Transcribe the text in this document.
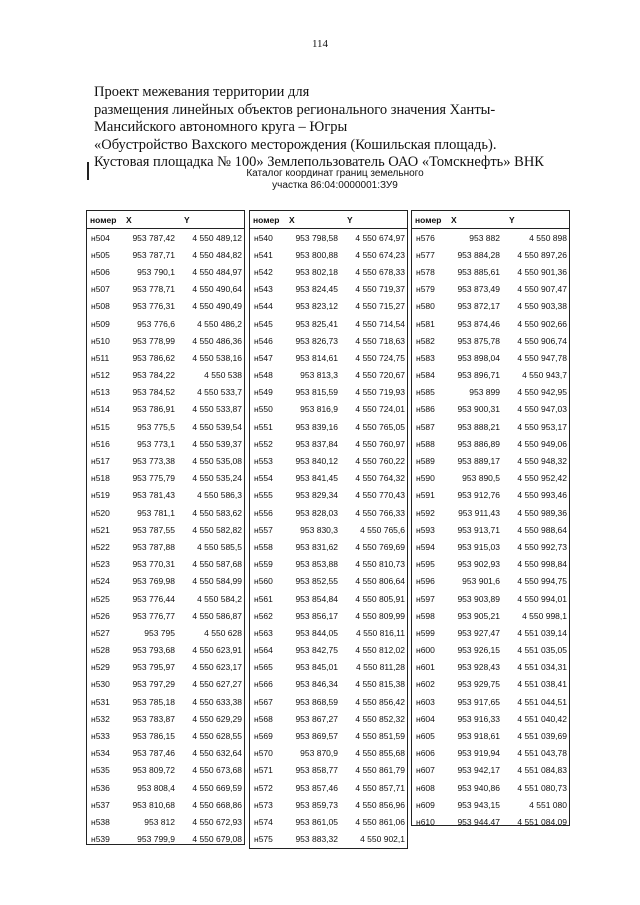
114
Проект межевания территории для
размещения линейных объектов регионального значения Ханты-
Мансийского автономного круга – Югры
«Обустройство Вахского месторождения (Кошильская площадь).
Кустовая площадка № 100» Землепользователь ОАО «Томскнефть» ВНК
Каталог координат границ земельного
участка 86:04:0000001:ЗУ9
номер	X	Y
н504	953 787,42	4 550 489,12
н505	953 787,71	4 550 484,82
н506	953 790,1	4 550 484,97
н507	953 778,71	4 550 490,64
н508	953 776,31	4 550 490,49
н509	953 776,6	4 550 486,2
н510	953 778,99	4 550 486,36
н511	953 786,62	4 550 538,16
н512	953 784,22	4 550 538
н513	953 784,52	4 550 533,7
н514	953 786,91	4 550 533,87
н515	953 775,5	4 550 539,54
н516	953 773,1	4 550 539,37
н517	953 773,38	4 550 535,08
н518	953 775,79	4 550 535,24
н519	953 781,43	4 550 586,3
н520	953 781,1	4 550 583,62
н521	953 787,55	4 550 582,82
н522	953 787,88	4 550 585,5
н523	953 770,31	4 550 587,68
н524	953 769,98	4 550 584,99
н525	953 776,44	4 550 584,2
н526	953 776,77	4 550 586,87
н527	953 795	4 550 628
н528	953 793,68	4 550 623,91
н529	953 795,97	4 550 623,17
н530	953 797,29	4 550 627,27
н531	953 785,18	4 550 633,38
н532	953 783,87	4 550 629,29
н533	953 786,15	4 550 628,55
н534	953 787,46	4 550 632,64
н535	953 809,72	4 550 673,68
н536	953 808,4	4 550 669,59
н537	953 810,68	4 550 668,86
н538	953 812	4 550 672,93
н539	953 799,9	4 550 679,08
номер	X	Y
н540	953 798,58	4 550 674,97
н541	953 800,88	4 550 674,23
н542	953 802,18	4 550 678,33
н543	953 824,45	4 550 719,37
н544	953 823,12	4 550 715,27
н545	953 825,41	4 550 714,54
н546	953 826,73	4 550 718,63
н547	953 814,61	4 550 724,75
н548	953 813,3	4 550 720,67
н549	953 815,59	4 550 719,93
н550	953 816,9	4 550 724,01
н551	953 839,16	4 550 765,05
н552	953 837,84	4 550 760,97
н553	953 840,12	4 550 760,22
н554	953 841,45	4 550 764,32
н555	953 829,34	4 550 770,43
н556	953 828,03	4 550 766,33
н557	953 830,3	4 550 765,6
н558	953 831,62	4 550 769,69
н559	953 853,88	4 550 810,73
н560	953 852,55	4 550 806,64
н561	953 854,84	4 550 805,91
н562	953 856,17	4 550 809,99
н563	953 844,05	4 550 816,11
н564	953 842,75	4 550 812,02
н565	953 845,01	4 550 811,28
н566	953 846,34	4 550 815,38
н567	953 868,59	4 550 856,42
н568	953 867,27	4 550 852,32
н569	953 869,57	4 550 851,59
н570	953 870,9	4 550 855,68
н571	953 858,77	4 550 861,79
н572	953 857,46	4 550 857,71
н573	953 859,73	4 550 856,96
н574	953 861,05	4 550 861,06
н575	953 883,32	4 550 902,1
номер	X	Y
н576	953 882	4 550 898
н577	953 884,28	4 550 897,26
н578	953 885,61	4 550 901,36
н579	953 873,49	4 550 907,47
н580	953 872,17	4 550 903,38
н581	953 874,46	4 550 902,66
н582	953 875,78	4 550 906,74
н583	953 898,04	4 550 947,78
н584	953 896,71	4 550 943,7
н585	953 899	4 550 942,95
н586	953 900,31	4 550 947,03
н587	953 888,21	4 550 953,17
н588	953 886,89	4 550 949,06
н589	953 889,17	4 550 948,32
н590	953 890,5	4 550 952,42
н591	953 912,76	4 550 993,46
н592	953 911,43	4 550 989,36
н593	953 913,71	4 550 988,64
н594	953 915,03	4 550 992,73
н595	953 902,93	4 550 998,84
н596	953 901,6	4 550 994,75
н597	953 903,89	4 550 994,01
н598	953 905,21	4 550 998,1
н599	953 927,47	4 551 039,14
н600	953 926,15	4 551 035,05
н601	953 928,43	4 551 034,31
н602	953 929,75	4 551 038,41
н603	953 917,65	4 551 044,51
н604	953 916,33	4 551 040,42
н605	953 918,61	4 551 039,69
н606	953 919,94	4 551 043,78
н607	953 942,17	4 551 084,83
н608	953 940,86	4 551 080,73
н609	953 943,15	4 551 080
н610	953 944,47	4 551 084,09
